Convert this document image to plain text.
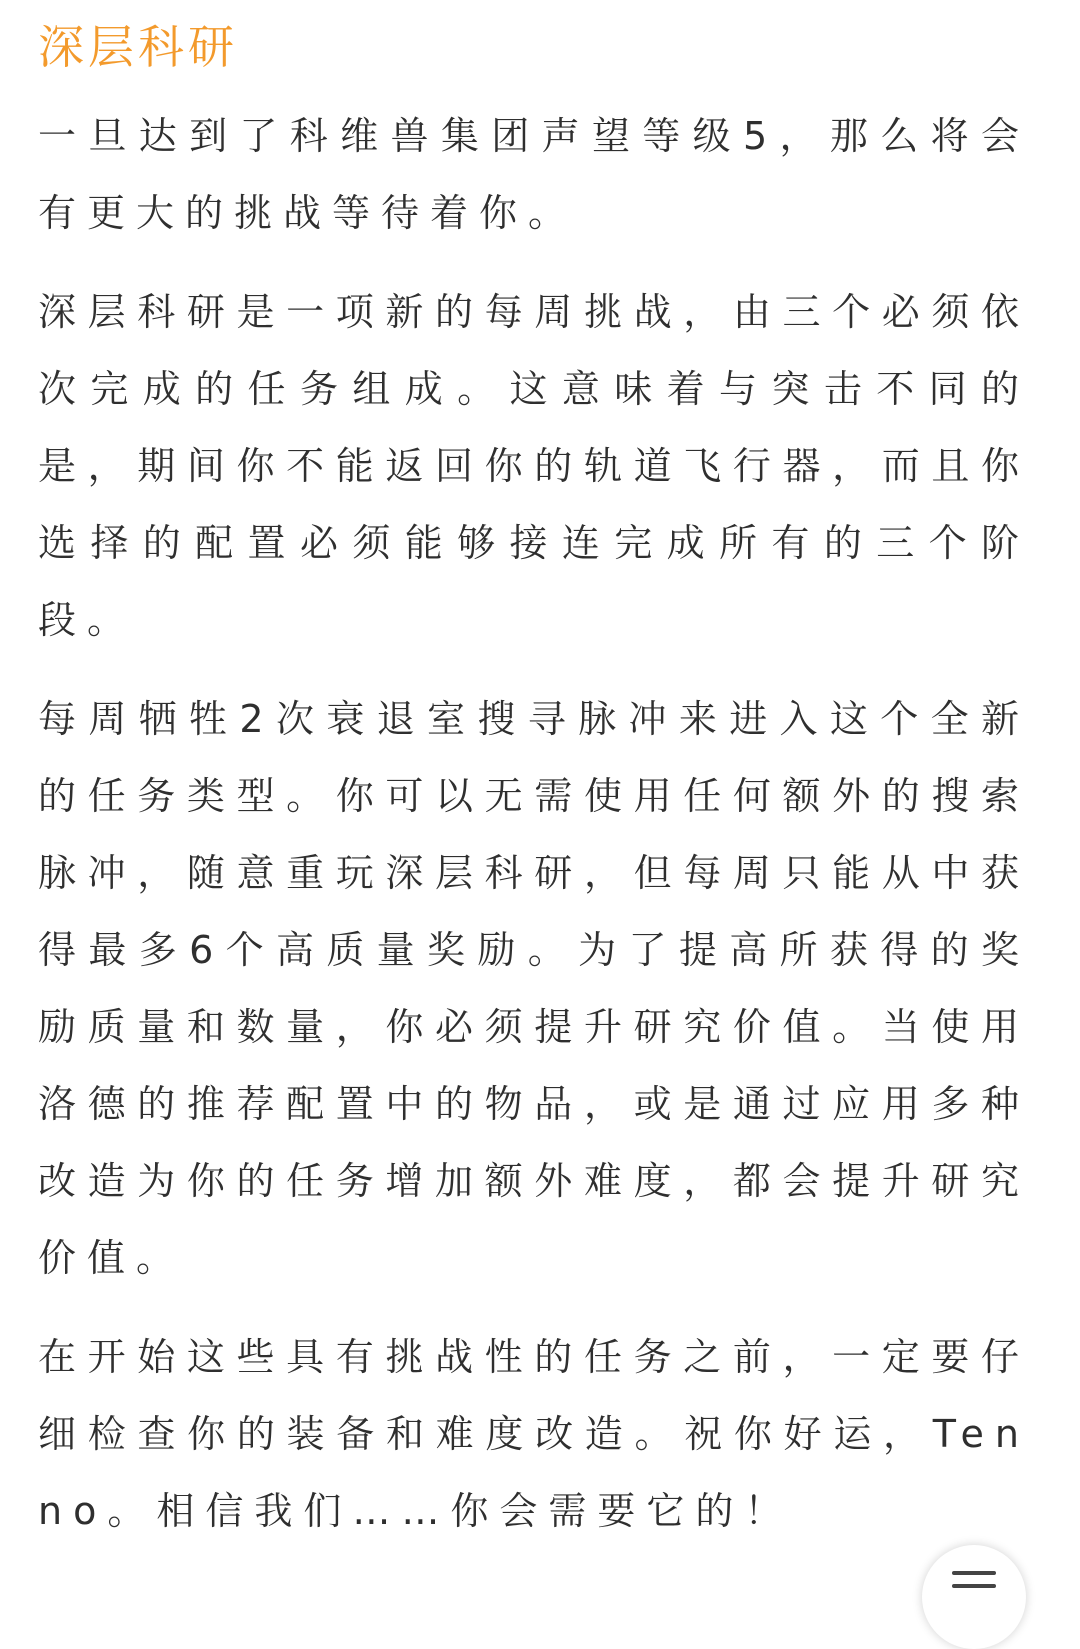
深层科研

一旦达到了科维兽集团声望等级5，那么将会有更大的挑战等待着你。

深层科研是一项新的每周挑战，由三个必须依次完成的任务组成。这意味着与突击不同的是，期间你不能返回你的轨道飞行器，而且你选择的配置必须能够接连完成所有的三个阶段。

每周牺牲2次衰退室搜寻脉冲来进入这个全新的任务类型。你可以无需使用任何额外的搜索脉冲，随意重玩深层科研，但每周只能从中获得最多6个高质量奖励。为了提高所获得的奖励质量和数量，你必须提升研究价值。当使用洛德的推荐配置中的物品，或是通过应用多种改造为你的任务增加额外难度，都会提升研究价值。

在开始这些具有挑战性的任务之前，一定要仔细检查你的装备和难度改造。祝你好运，Tenno。相信我们……你会需要它的！
